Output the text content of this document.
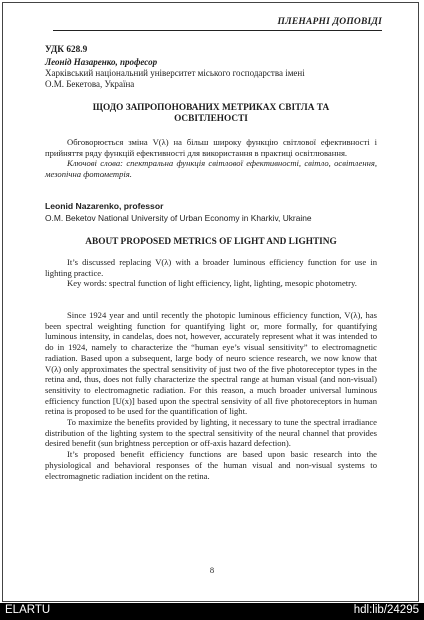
ПЛЕНАРНІ ДОПОВІДІ
УДК 628.9
Леонід Назаренко, професор
Харківський національний університет міського господарства імені
О.М. Бекетова, Україна
ЩОДО ЗАПРОПОНОВАНИХ МЕТРИКАХ СВІТЛА ТА
ОСВІТЛЕНОСТІ

Обговорюється зміна V(λ) на більш широку функцію світлової ефективності і прийняття ряду функцій ефективності для використання в практиці освітлювання.

Ключові слова: спектральна функція світлової ефективності, світло, освітлення, мезопічна фотометрія.

Leonid Nazarenko, professor
O.M. Beketov National University of Urban Economy in Kharkiv, Ukraine
ABOUT PROPOSED METRICS OF LIGHT AND LIGHTING

It’s discussed replacing V(λ) with a broader luminous efficiency function for use in lighting practice.

Key words: spectral function of light efficiency, light, lighting, mesopic photometry.

Since 1924 year and until recently the photopic luminous efficiency function, V(λ), has been spectral weighting function for quantifying light or, more formally, for quantifying luminous intensity, in candelas, does not, however, accurately represent what it was intended to do in 1924, namely to characterize the “human eye’s visual sensitivity” to electromagnetic radiation. Based upon a subsequent, large body of neuro science research, we now know that V(λ) only approximates the spectral sensitivity of just two of the five photoreceptor types in the retina and, thus, does not fully characterize the spectral range at human visual (and non-visual) sensitivity to electromagnetic radiation. For this reason, a much broader universal luminous efficiency function [U(x)] based upon the spectral sensivity of all five photoreceptors in human retina is proposed to be used for the quantification of light.

To maximize the benefits provided by lighting, it necessary to tune the spectral irradiance distribution of the lighting system to the spectral sensitivity of the neural channel that provides desired benefit (sun brightness perception or off-axis hazard defection).

It’s proposed benefit efficiency functions are based upon basic research into the physiological and behavioral responses of the human visual and non-visual systems to electromagnetic radiation incident on the retina.

8
ELARTU	hdl:lib/24295
